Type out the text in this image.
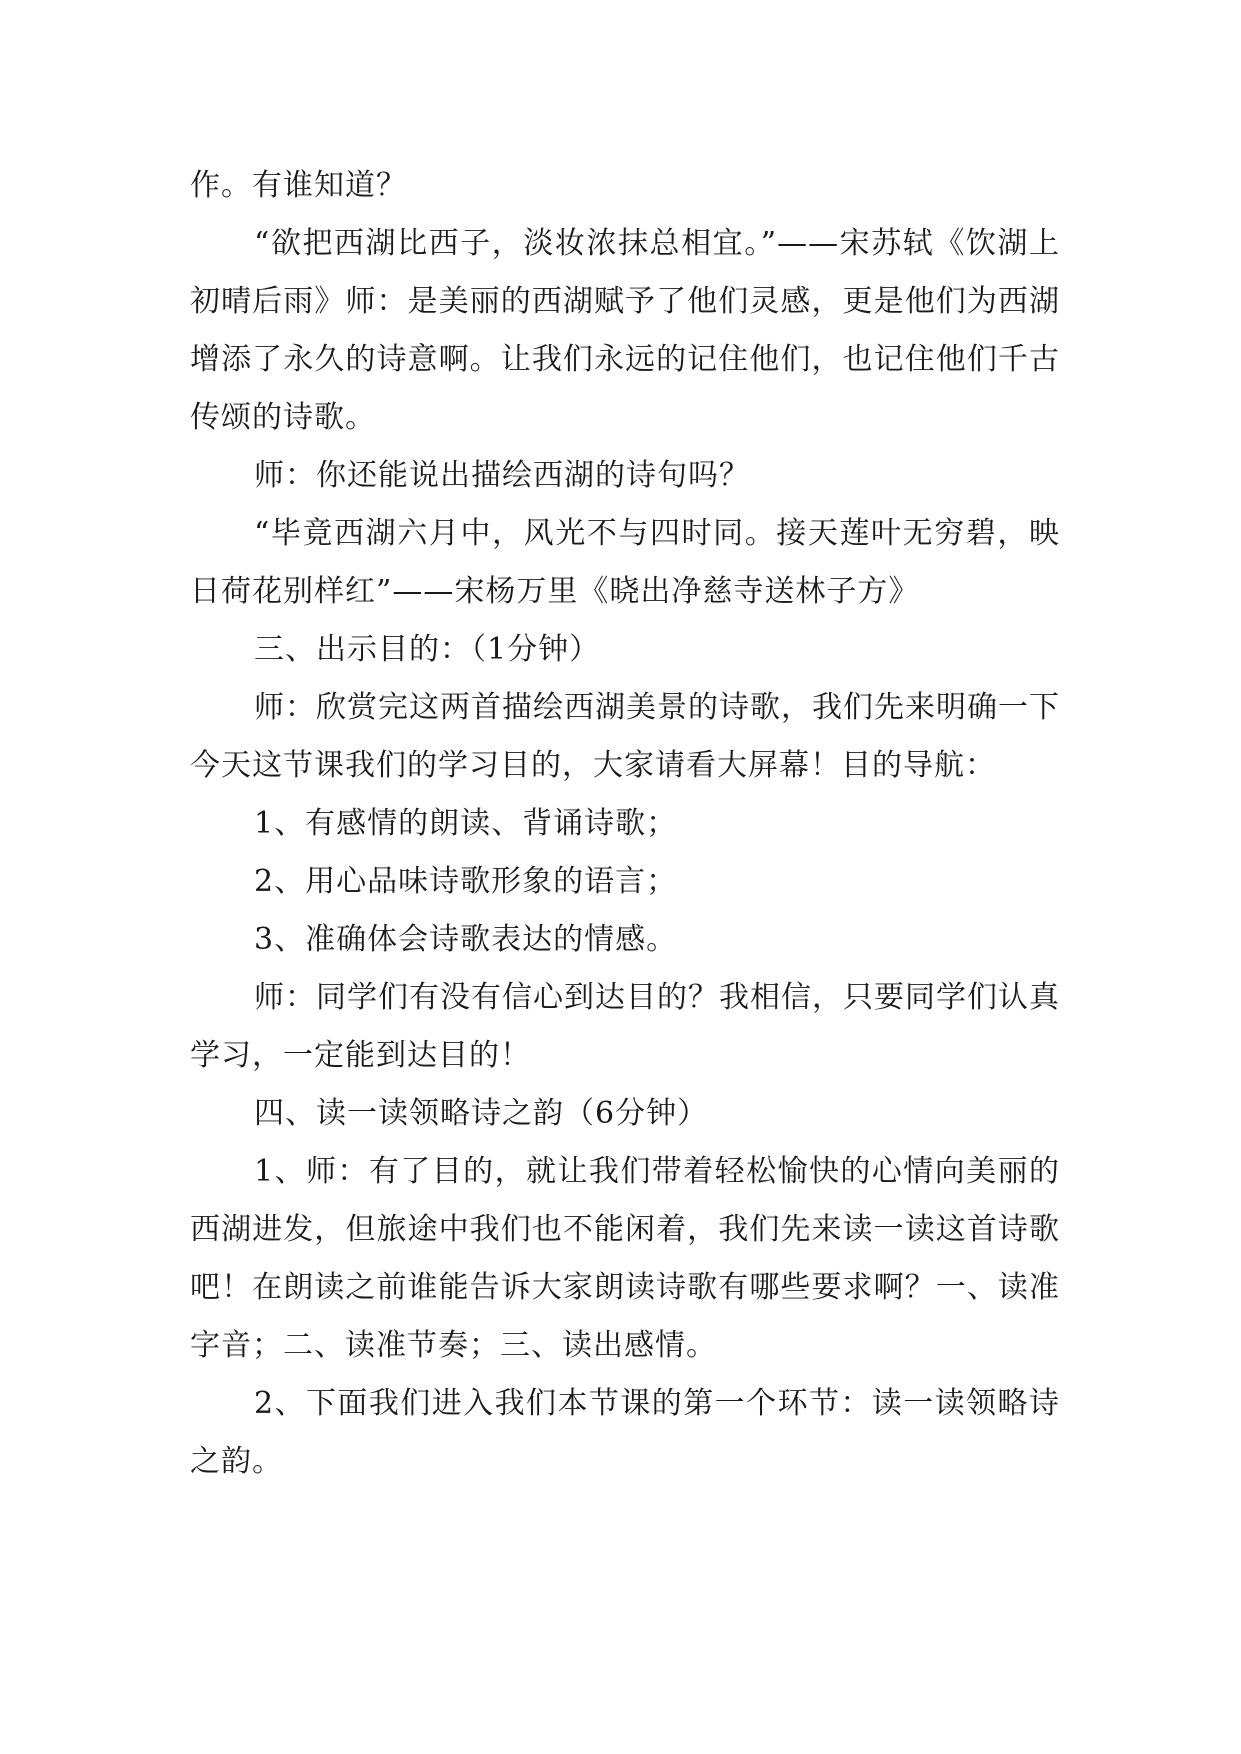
作。有谁知道？

“欲把西湖比西子，淡妆浓抹总相宜。”——宋苏轼《饮湖上初晴后雨》师：是美丽的西湖赋予了他们灵感，更是他们为西湖增添了永久的诗意啊。让我们永远的记住他们，也记住他们千古传颂的诗歌。

师：你还能说出描绘西湖的诗句吗？

“毕竟西湖六月中，风光不与四时同。接天莲叶无穷碧，映日荷花别样红”——宋杨万里《晓出净慈寺送林子方》

三、出示目的：（1分钟）

师：欣赏完这两首描绘西湖美景的诗歌，我们先来明确一下今天这节课我们的学习目的，大家请看大屏幕！目的导航：

1、有感情的朗读、背诵诗歌；

2、用心品味诗歌形象的语言；

3、准确体会诗歌表达的情感。

师：同学们有没有信心到达目的？我相信，只要同学们认真学习，一定能到达目的！

四、读一读领略诗之韵（6分钟）

1、师：有了目的，就让我们带着轻松愉快的心情向美丽的西湖进发，但旅途中我们也不能闲着，我们先来读一读这首诗歌吧！在朗读之前谁能告诉大家朗读诗歌有哪些要求啊？一、读准字音；二、读准节奏；三、读出感情。

2、下面我们进入我们本节课的第一个环节：读一读领略诗之韵。
